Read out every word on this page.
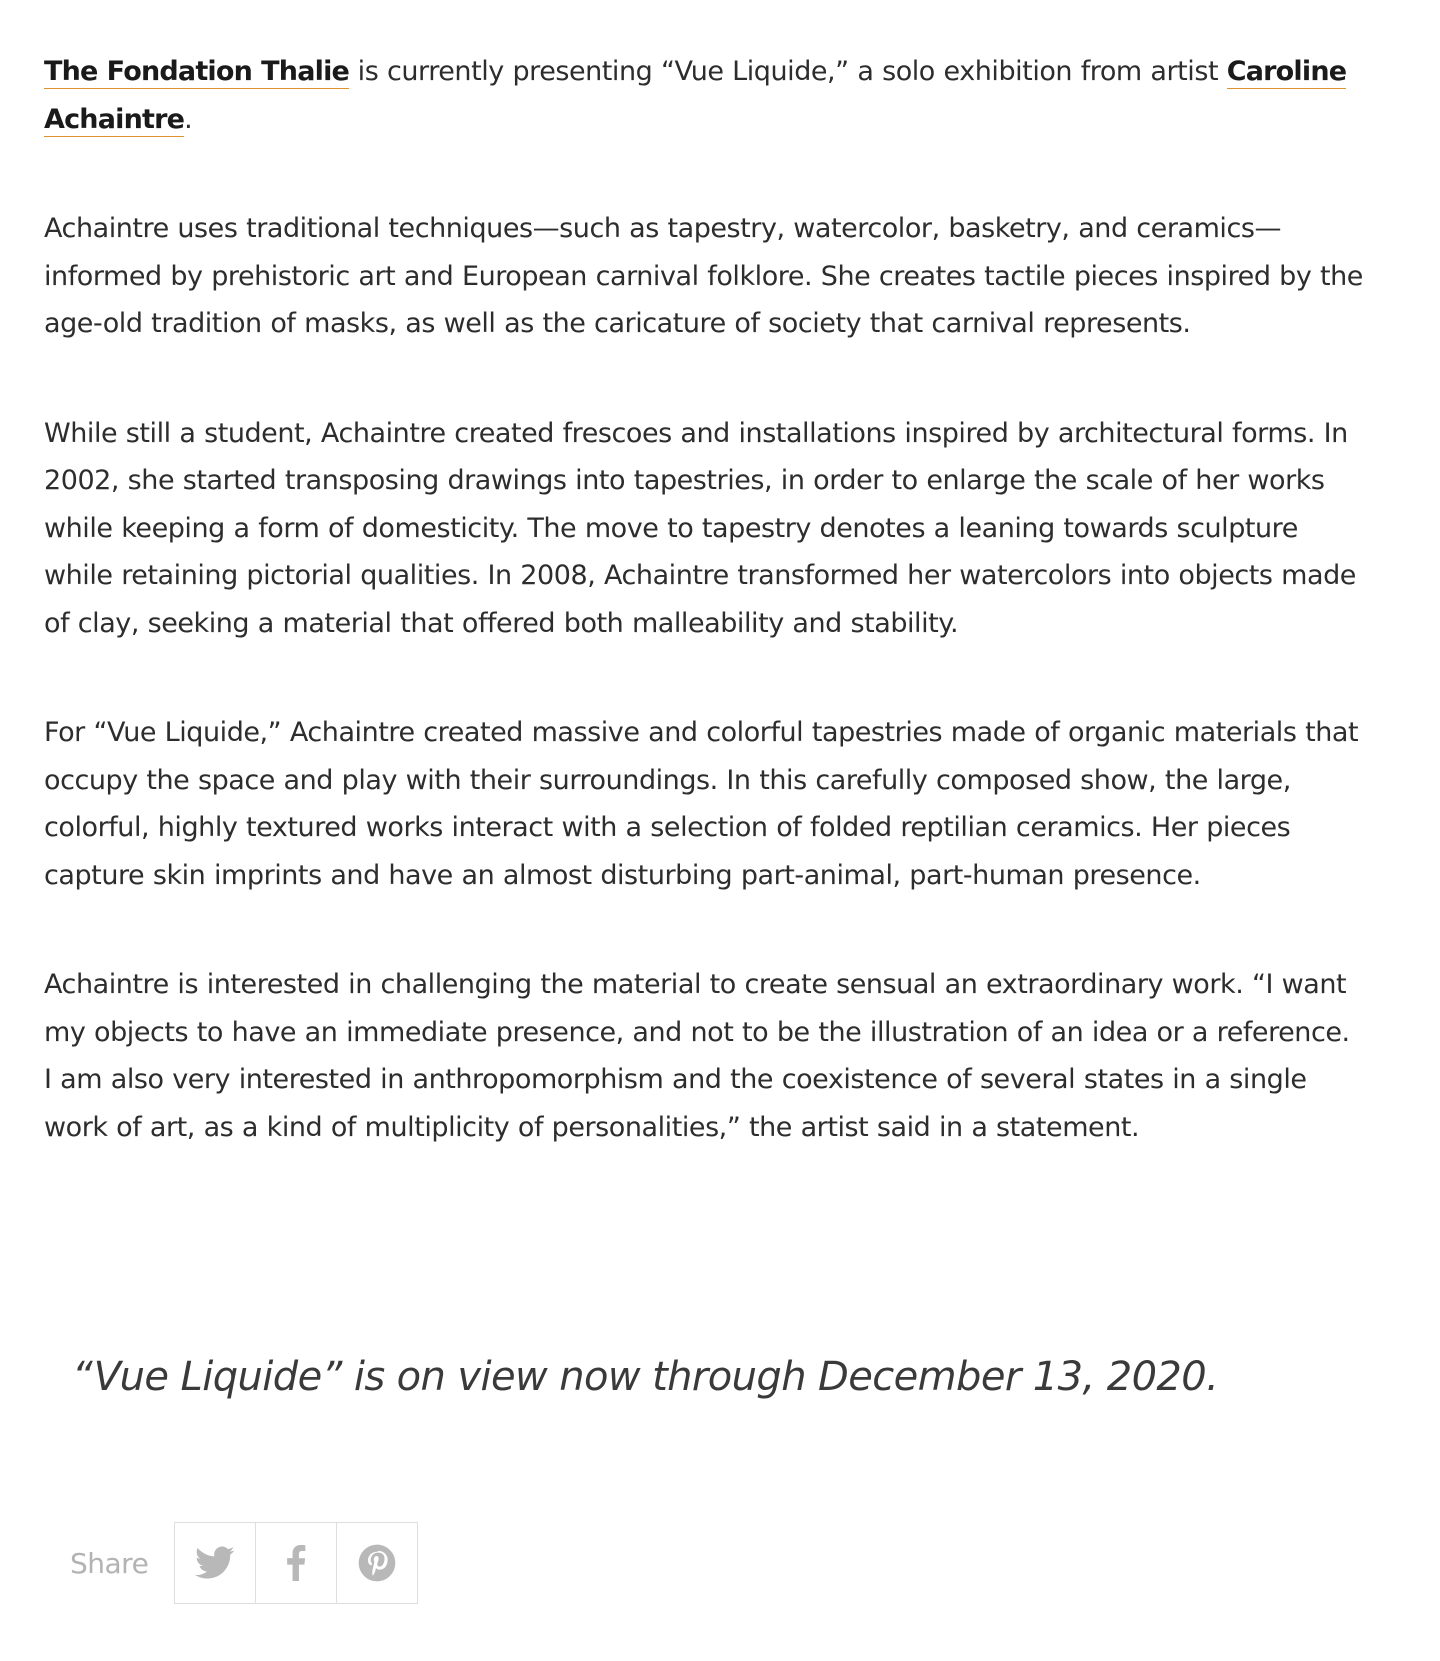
The Fondation Thalie is currently presenting “Vue Liquide,” a solo exhibition from artist Caroline Achaintre.

Achaintre uses traditional techniques—such as tapestry, watercolor, basketry, and ceramics—informed by prehistoric art and European carnival folklore. She creates tactile pieces inspired by the age-old tradition of masks, as well as the caricature of society that carnival represents.

While still a student, Achaintre created frescoes and installations inspired by architectural forms. In 2002, she started transposing drawings into tapestries, in order to enlarge the scale of her works while keeping a form of domesticity. The move to tapestry denotes a leaning towards sculpture while retaining pictorial qualities. In 2008, Achaintre transformed her watercolors into objects made of clay, seeking a material that offered both malleability and stability.

For “Vue Liquide,” Achaintre created massive and colorful tapestries made of organic materials that occupy the space and play with their surroundings. In this carefully composed show, the large, colorful, highly textured works interact with a selection of folded reptilian ceramics. Her pieces capture skin imprints and have an almost disturbing part-animal, part-human presence.

Achaintre is interested in challenging the material to create sensual an extraordinary work. “I want my objects to have an immediate presence, and not to be the illustration of an idea or a reference. I am also very interested in anthropomorphism and the coexistence of several states in a single work of art, as a kind of multiplicity of personalities,” the artist said in a statement.

“Vue Liquide” is on view now through December 13, 2020.
Share
